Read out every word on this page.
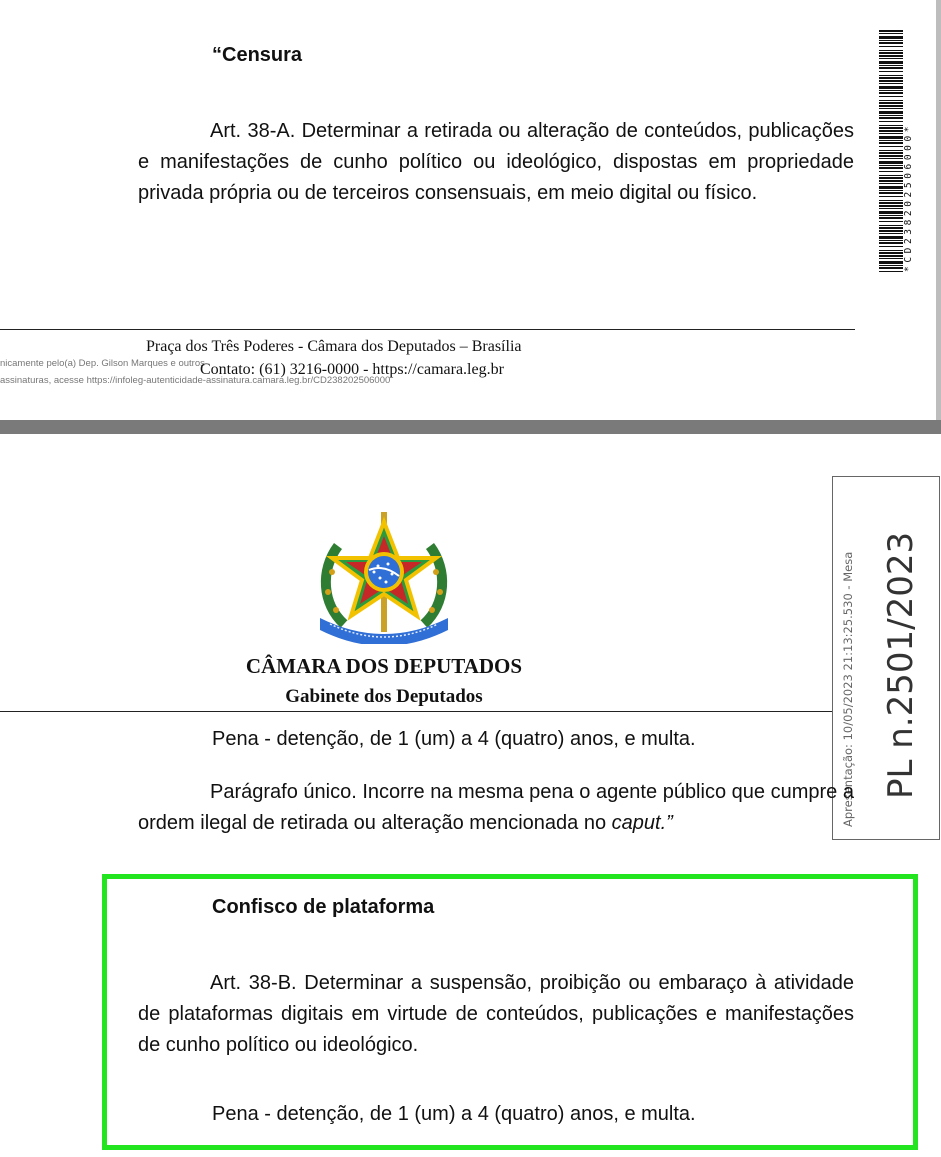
“Censura
Art. 38-A. Determinar a retirada ou alteração de conteúdos, publicações e manifestações de cunho político ou ideológico, dispostas em propriedade privada própria ou de terceiros consensuais, em meio digital ou físico.	*CD238202506000*
Praça dos Três Poderes - Câmara dos Deputados – Brasília
nicamente pelo(a) Dep. Gilson Marques e outros
Contato: (61) 3216-0000 - https://camara.leg.br
assinaturas, acesse https://infoleg-autenticidade-assinatura.camara.leg.br/CD238202506000
CÂMARA DOS DEPUTADOS
Gabinete dos Deputados	Apresentação: 10/05/2023 21:13:25.530 - Mesa PL n.2501/2023
Pena - detenção, de 1 (um) a 4 (quatro) anos, e multa.
Parágrafo único. Incorre na mesma pena o agente público que cumpre a ordem ilegal de retirada ou alteração mencionada no caput.”
Confisco de plataforma
Art. 38-B. Determinar a suspensão, proibição ou embaraço à atividade de plataformas digitais em virtude de conteúdos, publicações e manifestações de cunho político ou ideológico.
Pena - detenção, de 1 (um) a 4 (quatro) anos, e multa.
